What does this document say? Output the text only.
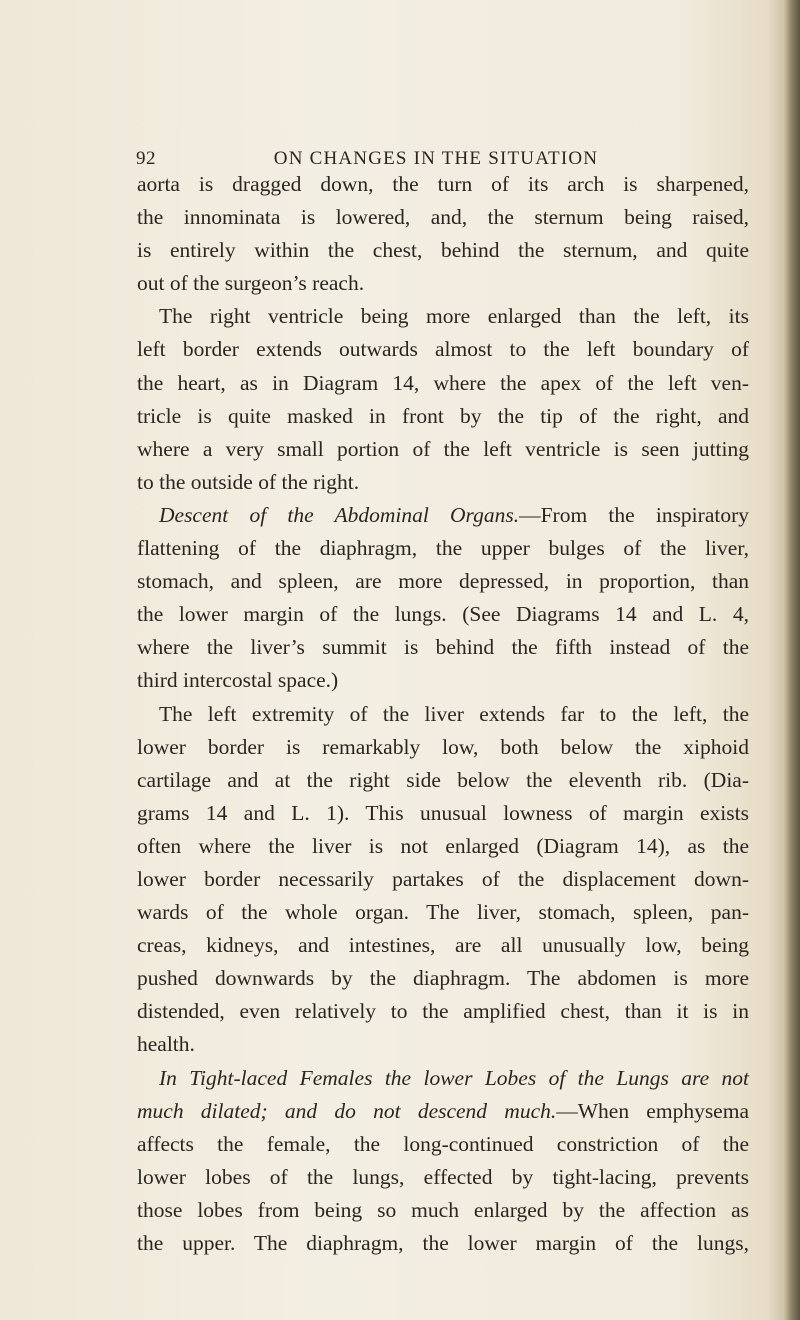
92	ON CHANGES IN THE SITUATION
aorta is dragged down, the turn of its arch is sharpened,
the innominata is lowered, and, the sternum being raised,
is entirely within the chest, behind the sternum, and quite
out of the surgeon’s reach.
The right ventricle being more enlarged than the left, its
left border extends outwards almost to the left boundary of
the heart, as in Diagram 14, where the apex of the left ven-
tricle is quite masked in front by the tip of the right, and
where a very small portion of the left ventricle is seen jutting
to the outside of the right.
Descent of the Abdominal Organs.—From the inspiratory
flattening of the diaphragm, the upper bulges of the liver,
stomach, and spleen, are more depressed, in proportion, than
the lower margin of the lungs. (See Diagrams 14 and L. 4,
where the liver’s summit is behind the fifth instead of the
third intercostal space.)
The left extremity of the liver extends far to the left, the
lower border is remarkably low, both below the xiphoid
cartilage and at the right side below the eleventh rib. (Dia-
grams 14 and L. 1). This unusual lowness of margin exists
often where the liver is not enlarged (Diagram 14), as the
lower border necessarily partakes of the displacement down-
wards of the whole organ. The liver, stomach, spleen, pan-
creas, kidneys, and intestines, are all unusually low, being
pushed downwards by the diaphragm. The abdomen is more
distended, even relatively to the amplified chest, than it is in
health.
In Tight-laced Females the lower Lobes of the Lungs are not
much dilated; and do not descend much.—When emphysema
affects the female, the long-continued constriction of the
lower lobes of the lungs, effected by tight-lacing, prevents
those lobes from being so much enlarged by the affection as
the upper. The diaphragm, the lower margin of the lungs,
